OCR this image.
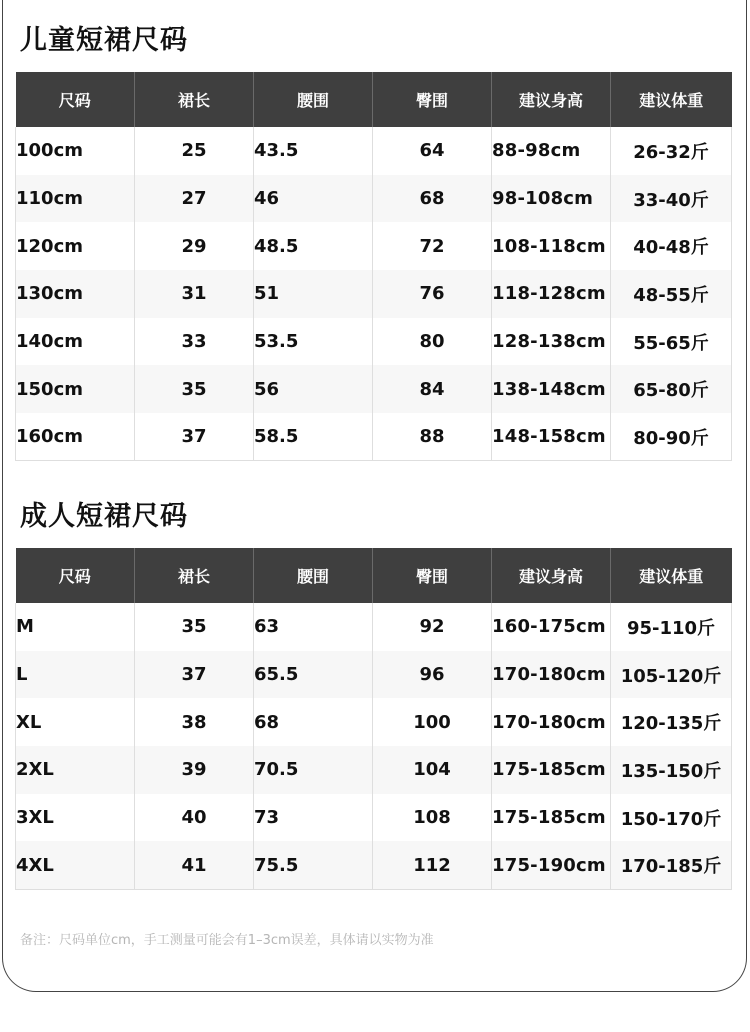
儿童短裙尺码
尺码	裙长	腰围	臀围	建议身高	建议体重
100cm	25	43.5	64	88-98cm	26-32斤
110cm	27	46	68	98-108cm	33-40斤
120cm	29	48.5	72	108-118cm	40-48斤
130cm	31	51	76	118-128cm	48-55斤
140cm	33	53.5	80	128-138cm	55-65斤
150cm	35	56	84	138-148cm	65-80斤
160cm	37	58.5	88	148-158cm	80-90斤
成人短裙尺码
尺码	裙长	腰围	臀围	建议身高	建议体重
M	35	63	92	160-175cm	95-110斤
L	37	65.5	96	170-180cm	105-120斤
XL	38	68	100	170-180cm	120-135斤
2XL	39	70.5	104	175-185cm	135-150斤
3XL	40	73	108	175-185cm	150-170斤
4XL	41	75.5	112	175-190cm	170-185斤

备注：尺码单位cm，手工测量可能会有1–3cm误差，具体请以实物为准
